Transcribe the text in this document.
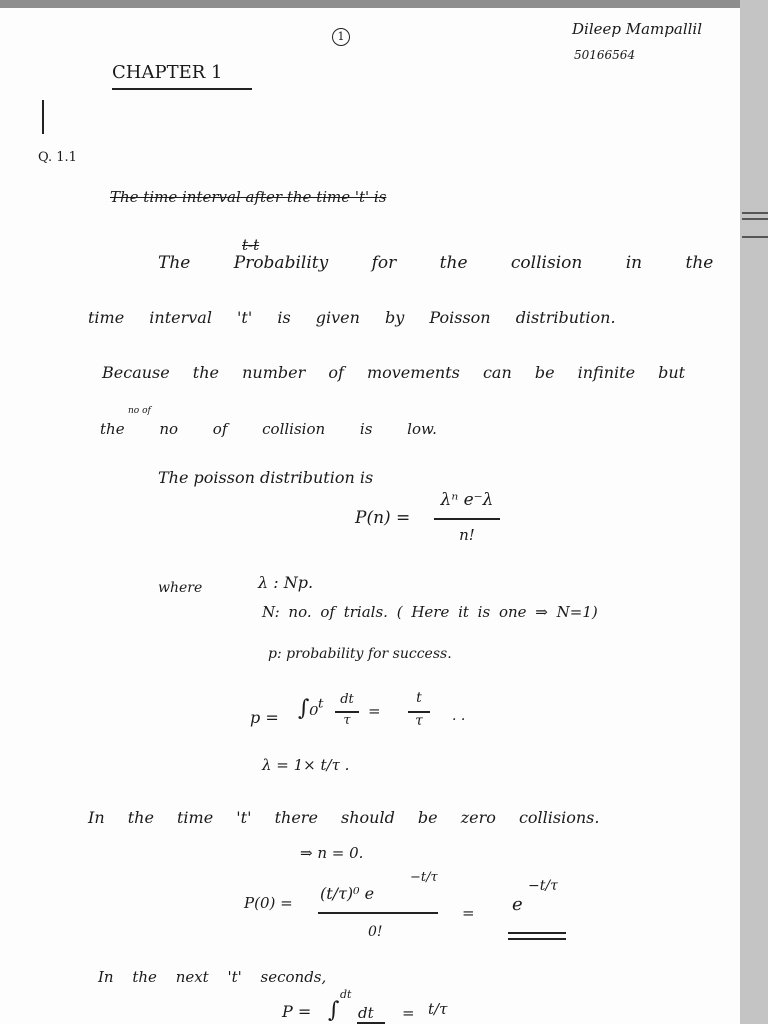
1	Dileep Mampallil
50166564
CHAPTER 1
Q. 1.1
The time interval after the time 't' is
t-t
The Probability for the collision in the
time interval 't' is given by Poisson distribution.
Because the number of movements can be infinite but
no of
the no of collision is low.
The poisson distribution is
P(n) =
λⁿ e⁻λ
n!
where	λ : Np.
N: no. of trials. ( Here it is one ⇒ N=1)
p: probability for success.
p = ∫₀ᵗ	dt
τ
=
t
τ	. .
λ = 1× t/τ .
In the time 't' there should be zero collisions.
⇒ n = 0.
P(0) = (t/τ)⁰ e
−t/τ
0!
= e
−t/τ
In the next 't' seconds,
P = ∫
dt
dt = t/τ
